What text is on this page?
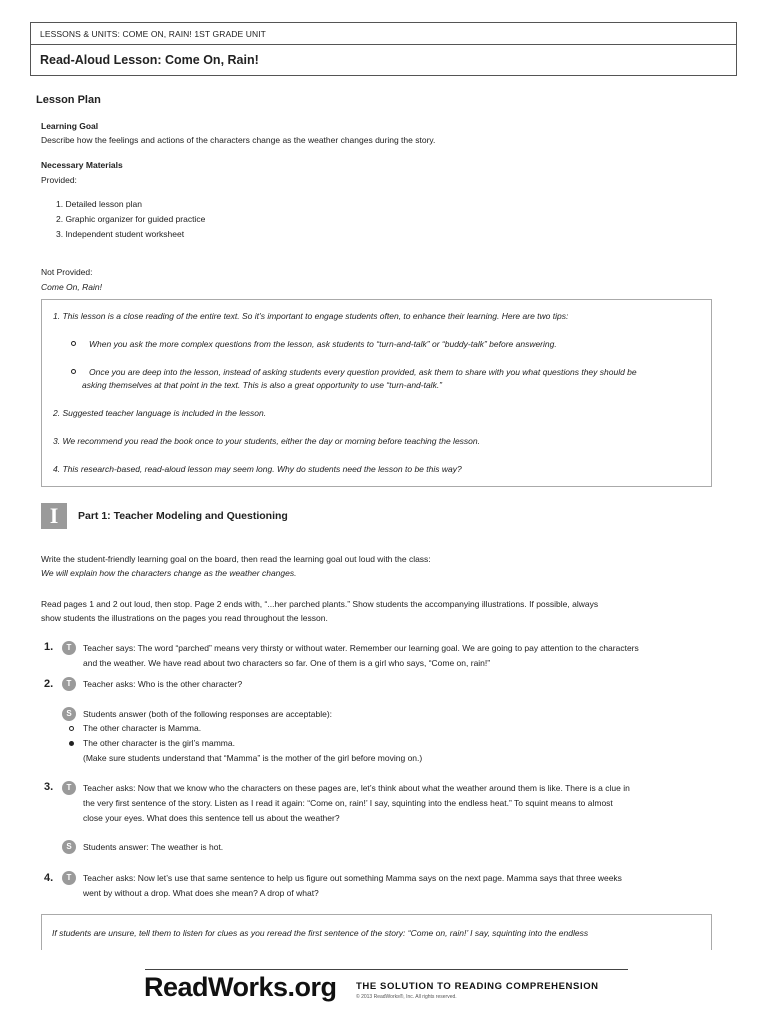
LESSONS & UNITS: COME ON, RAIN! 1ST GRADE UNIT
Read-Aloud Lesson: Come On, Rain!
Lesson Plan
Learning Goal
Describe how the feelings and actions of the characters change as the weather changes during the story.
Necessary Materials
Provided:
1. Detailed lesson plan
2. Graphic organizer for guided practice
3. Independent student worksheet
Not Provided:
Come On, Rain!
1. This lesson is a close reading of the entire text. So it’s important to engage students often, to enhance their learning. Here are two tips:
When you ask the more complex questions from the lesson, ask students to “turn-and-talk” or “buddy-talk” before answering.
Once you are deep into the lesson, instead of asking students every question provided, ask them to share with you what questions they should be
asking themselves at that point in the text. This is also a great opportunity to use “turn-and-talk.”
2. Suggested teacher language is included in the lesson.
3. We recommend you read the book once to your students, either the day or morning before teaching the lesson.
4. This research-based, read-aloud lesson may seem long. Why do students need the lesson to be this way?
I	Part 1: Teacher Modeling and Questioning
Write the student-friendly learning goal on the board, then read the learning goal out loud with the class:
We will explain how the characters change as the weather changes.
Read pages 1 and 2 out loud, then stop. Page 2 ends with, “...her parched plants.” Show students the accompanying illustrations. If possible, always
show students the illustrations on the pages you read throughout the lesson.
1.	T	Teacher says: The word “parched” means very thirsty or without water. Remember our learning goal. We are going to pay attention to the characters
and the weather. We have read about two characters so far. One of them is a girl who says, “Come on, rain!”
2.	T	Teacher asks: Who is the other character?
S	Students answer (both of the following responses are acceptable):
The other character is Mamma.
The other character is the girl’s mamma.
(Make sure students understand that “Mamma” is the mother of the girl before moving on.)
3.	T	Teacher asks: Now that we know who the characters on these pages are, let’s think about what the weather around them is like. There is a clue in
the very first sentence of the story. Listen as I read it again: “Come on, rain!’ I say, squinting into the endless heat.” To squint means to almost
close your eyes. What does this sentence tell us about the weather?
S	Students answer: The weather is hot.
4.	T	Teacher asks: Now let’s use that same sentence to help us figure out something Mamma says on the next page. Mamma says that three weeks
went by without a drop. What does she mean? A drop of what?
If students are unsure, tell them to listen for clues as you reread the first sentence of the story: “Come on, rain!’ I say, squinting into the endless
ReadWorks.org THE SOLUTION TO READING COMPREHENSION
© 2013 ReadWorks®, Inc. All rights reserved.
